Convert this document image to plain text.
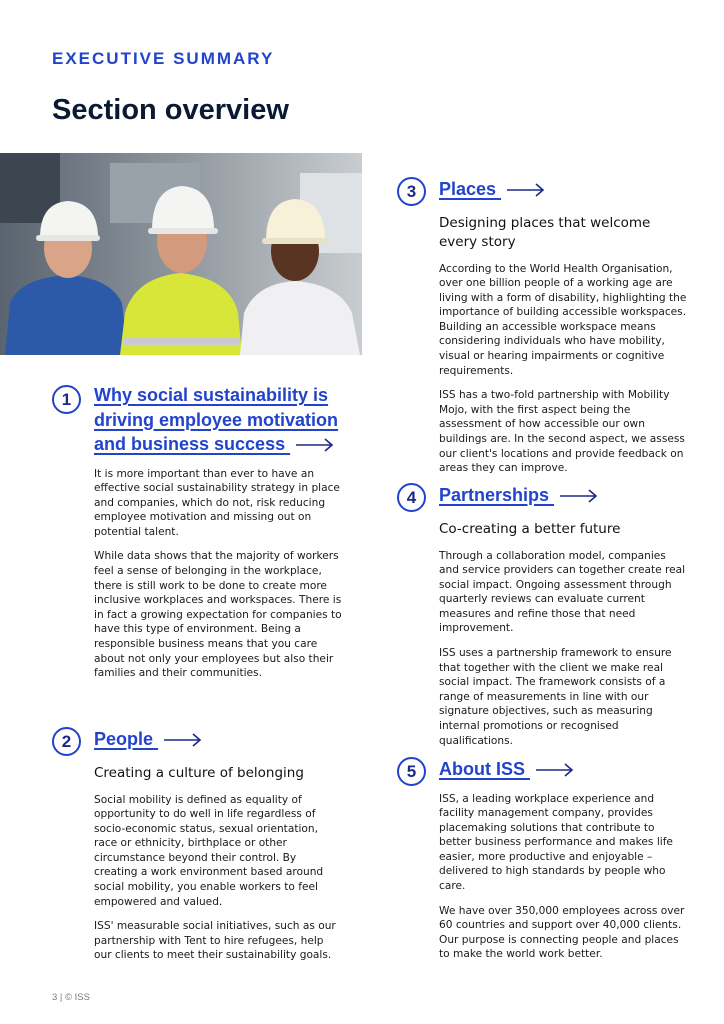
EXECUTIVE SUMMARY
Section overview
1	Why social sustainability is driving employee motivation and business success

It is more important than ever to have an effective social sustainability strategy in place and companies, which do not, risk reducing employee motivation and missing out on potential talent.

While data shows that the majority of workers feel a sense of belonging in the workplace, there is still work to be done to create more inclusive workplaces and workspaces. There is in fact a growing expectation for companies to have this type of environment. Being a responsible business means that you care about not only your employees but also their families and their communities.

2	People
Creating a culture of belonging

Social mobility is defined as equality of opportunity to do well in life regardless of socio-economic status, sexual orientation, race or ethnicity, birthplace or other circumstance beyond their control. By creating a work environment based around social mobility, you enable workers to feel empowered and valued.

ISS' measurable social initiatives, such as our partnership with Tent to hire refugees, help our clients to meet their sustainability goals.

3	Places
Designing places that welcome every story

According to the World Health Organisation, over one billion people of a working age are living with a form of disability, highlighting the importance of building accessible workspaces. Building an accessible workspace means considering individuals who have mobility, visual or hearing impairments or cognitive requirements.

ISS has a two-fold partnership with Mobility Mojo, with the first aspect being the assessment of how accessible our own buildings are. In the second aspect, we assess our client's locations and provide feedback on areas they can improve.

4	Partnerships
Co-creating a better future

Through a collaboration model, companies and service providers can together create real social impact. Ongoing assessment through quarterly reviews can evaluate current measures and refine those that need improvement.

ISS uses a partnership framework to ensure that together with the client we make real social impact. The framework consists of a range of measurements in line with our signature objectives, such as measuring internal promotions or recognised qualifications.

5	About ISS

ISS, a leading workplace experience and facility management company, provides placemaking solutions that contribute to better business performance and makes life easier, more productive and enjoyable – delivered to high standards by people who care.

We have over 350,000 employees across over 60 countries and support over 40,000 clients. Our purpose is connecting people and places to make the world work better.

3 | © ISS
